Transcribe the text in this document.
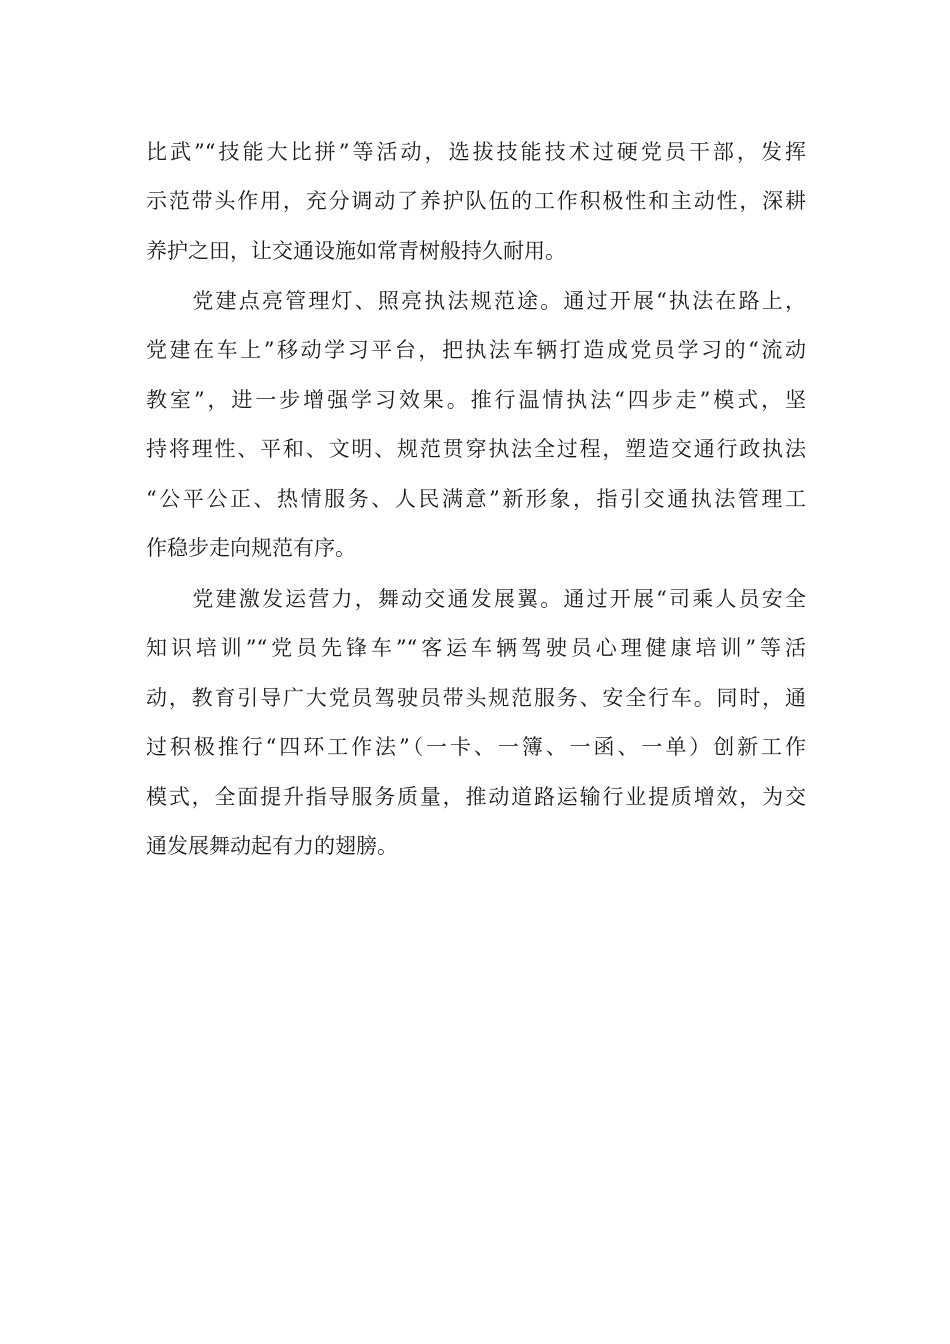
比武”“技能大比拼”等活动，选拔技能技术过硬党员干部，发挥
示范带头作用，充分调动了养护队伍的工作积极性和主动性，深耕
养护之田，让交通设施如常青树般持久耐用。
　　党建点亮管理灯、照亮执法规范途。通过开展“执法在路上，
党建在车上”移动学习平台，把执法车辆打造成党员学习的“流动
教室”，进一步增强学习效果。推行温情执法“四步走”模式，坚
持将理性、平和、文明、规范贯穿执法全过程，塑造交通行政执法
“公平公正、热情服务、人民满意”新形象，指引交通执法管理工
作稳步走向规范有序。
　　党建激发运营力，舞动交通发展翼。通过开展“司乘人员安全
知识培训”“党员先锋车”“客运车辆驾驶员心理健康培训”等活
动，教育引导广大党员驾驶员带头规范服务、安全行车。同时，通
过积极推行“四环工作法”（一卡、一簿、一函、一单）创新工作
模式，全面提升指导服务质量，推动道路运输行业提质增效，为交
通发展舞动起有力的翅膀。
